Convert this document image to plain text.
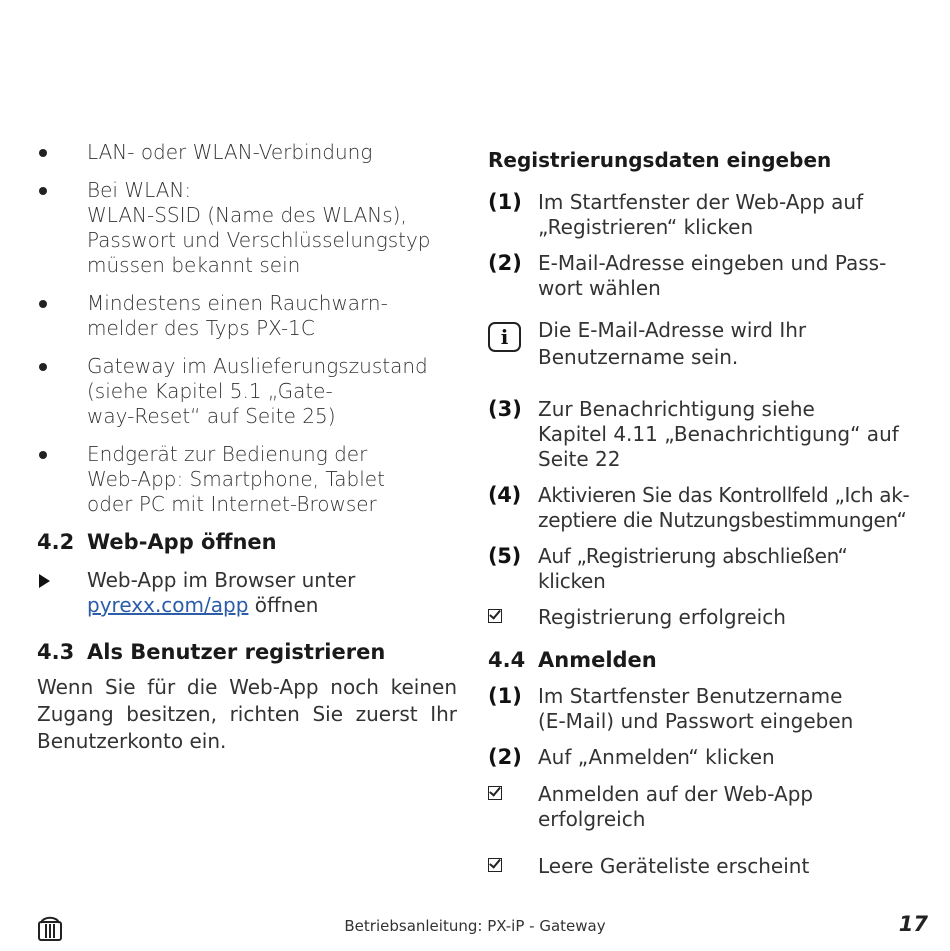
LAN- oder WLAN-Verbindung
Bei WLAN:
WLAN-SSID (Name des WLANs),
Passwort und Verschlüsselungstyp
müssen bekannt sein
Mindestens einen Rauchwarn-
melder des Typs PX-1C
Gateway im Auslieferungszustand
(siehe Kapitel 5.1 „Gate-
way-Reset“ auf Seite 25)
Endgerät zur Bedienung der
Web-App: Smartphone, Tablet
oder PC mit Internet-Browser
4.2 Web-App öffnen
Web-App im Browser unter
pyrexx.com/app öffnen
4.3 Als Benutzer registrieren

Wenn Sie für die Web-App noch keinen Zugang besitzen, richten Sie zuerst Ihr Benutzerkonto ein.

Registrierungsdaten eingeben
(1) Im Startfenster der Web-App auf
„Registrieren“ klicken
(2) E-Mail-Adresse eingeben und Pass-
wort wählen
i	Die E-Mail-Adresse wird Ihr
Benutzername sein.
(3) Zur Benachrichtigung siehe
Kapitel 4.11 „Benachrichtigung“ auf
Seite 22
(4) Aktivieren Sie das Kontrollfeld „Ich ak-
zeptiere die Nutzungsbestimmungen“
(5) Auf „Registrierung abschließen“ klicken
Registrierung erfolgreich
4.4 Anmelden
(1) Im Startfenster Benutzername
(E-Mail) und Passwort eingeben
(2) Auf „Anmelden“ klicken
Anmelden auf der Web-App erfolgreich
Leere Geräteliste erscheint
Betriebsanleitung: PX-iP - Gateway	17
